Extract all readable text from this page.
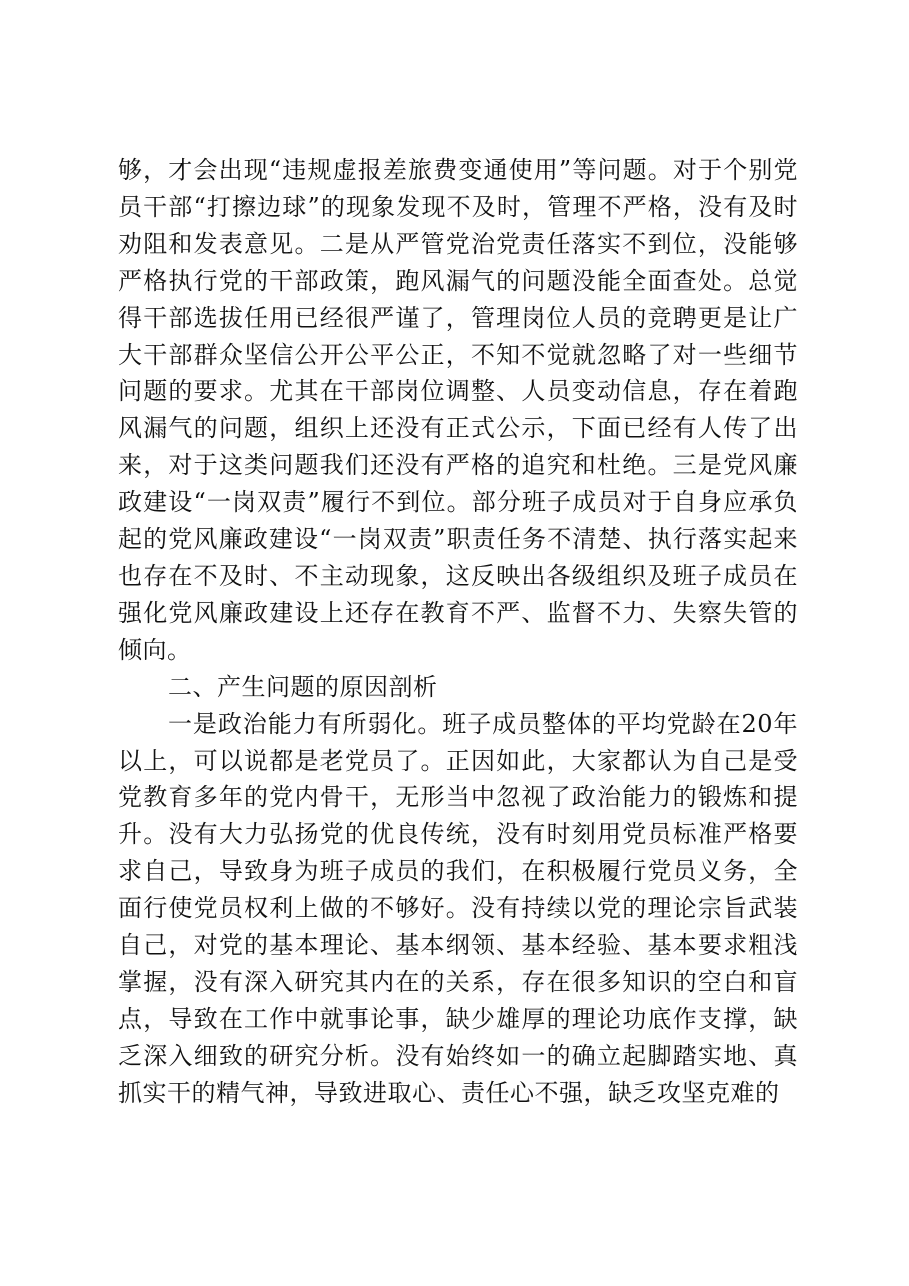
够，才会出现“违规虚报差旅费变通使用”等问题。对于个别党员干部“打擦边球”的现象发现不及时，管理不严格，没有及时劝阻和发表意见。二是从严管党治党责任落实不到位，没能够严格执行党的干部政策，跑风漏气的问题没能全面查处。总觉得干部选拔任用已经很严谨了，管理岗位人员的竞聘更是让广大干部群众坚信公开公平公正，不知不觉就忽略了对一些细节问题的要求。尤其在干部岗位调整、人员变动信息，存在着跑风漏气的问题，组织上还没有正式公示，下面已经有人传了出来，对于这类问题我们还没有严格的追究和杜绝。三是党风廉政建设“一岗双责”履行不到位。部分班子成员对于自身应承负起的党风廉政建设“一岗双责”职责任务不清楚、执行落实起来也存在不及时、不主动现象，这反映出各级组织及班子成员在强化党风廉政建设上还存在教育不严、监督不力、失察失管的倾向。

二、产生问题的原因剖析

一是政治能力有所弱化。班子成员整体的平均党龄在20年以上，可以说都是老党员了。正因如此，大家都认为自己是受党教育多年的党内骨干，无形当中忽视了政治能力的锻炼和提升。没有大力弘扬党的优良传统，没有时刻用党员标准严格要求自己，导致身为班子成员的我们，在积极履行党员义务，全面行使党员权利上做的不够好。没有持续以党的理论宗旨武装自己，对党的基本理论、基本纲领、基本经验、基本要求粗浅掌握，没有深入研究其内在的关系，存在很多知识的空白和盲点，导致在工作中就事论事，缺少雄厚的理论功底作支撑，缺乏深入细致的研究分析。没有始终如一的确立起脚踏实地、真抓实干的精气神，导致进取心、责任心不强，缺乏攻坚克难的
